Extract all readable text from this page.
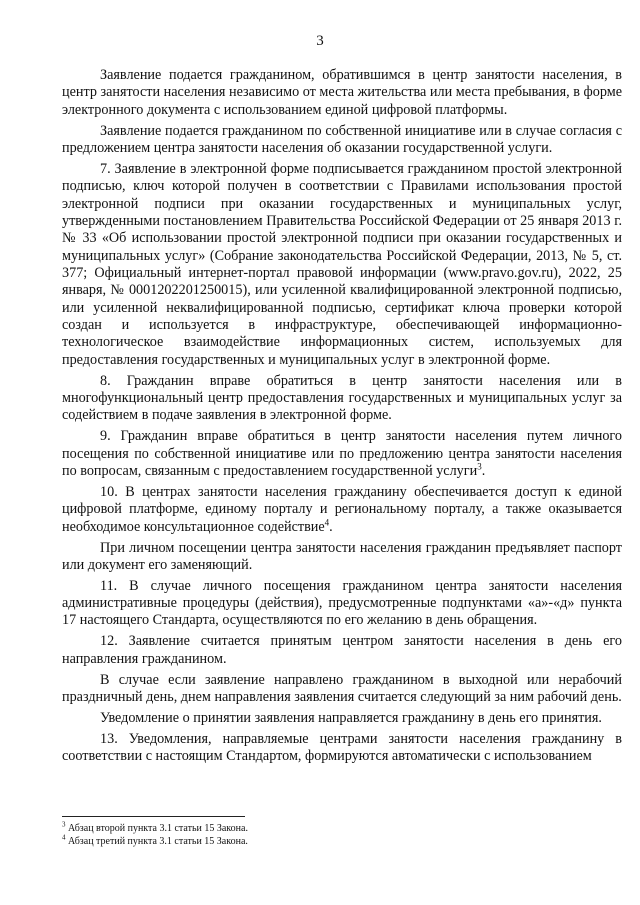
3

Заявление подается гражданином, обратившимся в центр занятости населения, в центр занятости населения независимо от места жительства или места пребывания, в форме электронного документа с использованием единой цифровой платформы.

Заявление подается гражданином по собственной инициативе или в случае согласия с предложением центра занятости населения об оказании государственной услуги.

7. Заявление в электронной форме подписывается гражданином простой электронной подписью, ключ которой получен в соответствии с Правилами использования простой электронной подписи при оказании государственных и муниципальных услуг, утвержденными постановлением Правительства Российской Федерации от 25 января 2013 г. № 33 «Об использовании простой электронной подписи при оказании государственных и муниципальных услуг» (Собрание законодательства Российской Федерации, 2013, № 5, ст. 377; Официальный интернет-портал правовой информации (www.pravo.gov.ru), 2022, 25 января, № 0001202201250015), или усиленной квалифицированной электронной подписью, или усиленной неквалифицированной подписью, сертификат ключа проверки которой создан и используется в инфраструктуре, обеспечивающей информационно-технологическое взаимодействие информационных систем, используемых для предоставления государственных и муниципальных услуг в электронной форме.

8. Гражданин вправе обратиться в центр занятости населения или в многофункциональный центр предоставления государственных и муниципальных услуг за содействием в подаче заявления в электронной форме.

9. Гражданин вправе обратиться в центр занятости населения путем личного посещения по собственной инициативе или по предложению центра занятости населения по вопросам, связанным с предоставлением государственной услуги$^3$.

10. В центрах занятости населения гражданину обеспечивается доступ к единой цифровой платформе, единому порталу и региональному порталу, а также оказывается необходимое консультационное содействие$^4$.

При личном посещении центра занятости населения гражданин предъявляет паспорт или документ его заменяющий.

11. В случае личного посещения гражданином центра занятости населения административные процедуры (действия), предусмотренные подпунктами «а»-«д» пункта 17 настоящего Стандарта, осуществляются по его желанию в день обращения.

12. Заявление считается принятым центром занятости населения в день его направления гражданином.

В случае если заявление направлено гражданином в выходной или нерабочий праздничный день, днем направления заявления считается следующий за ним рабочий день.

Уведомление о принятии заявления направляется гражданину в день его принятия.

13. Уведомления, направляемые центрами занятости населения гражданину в соответствии с настоящим Стандартом, формируются автоматически с использованием

$^3$ Абзац второй пункта 3.1 статьи 15 Закона.

$^4$ Абзац третий пункта 3.1 статьи 15 Закона.
